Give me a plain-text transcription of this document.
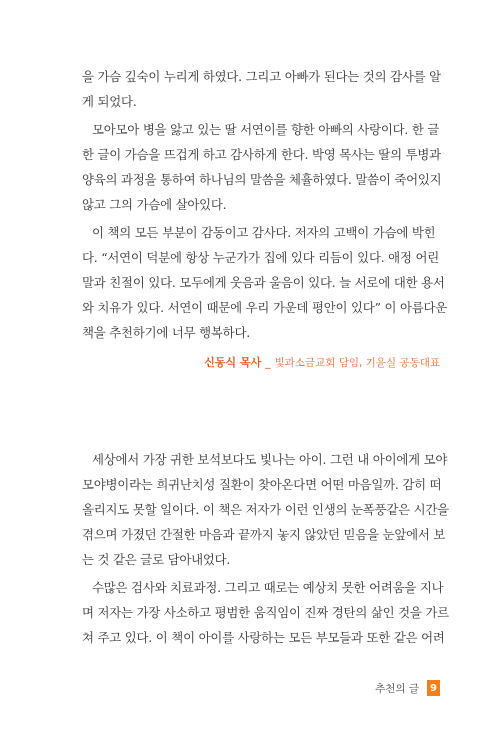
을 가슴 깊숙이 누리게 하였다. 그리고 아빠가 된다는 것의 감사를 알
게 되었다.
모아모아 병을 앓고 있는 딸 서연이를 향한 아빠의 사랑이다. 한 글
한 글이 가슴을 뜨겁게 하고 감사하게 한다. 박영 목사는 딸의 투병과
양육의 과정을 통하여 하나님의 말씀을 체휼하였다. 말씀이 죽어있지
않고 그의 가슴에 살아있다.
이 책의 모든 부분이 감동이고 감사다. 저자의 고백이 가슴에 박힌
다. “서연이 덕분에 항상 누군가가 집에 있다 리듬이 있다. 애정 어린
말과 친절이 있다. 모두에게 웃음과 울음이 있다. 늘 서로에 대한 용서
와 치유가 있다. 서연이 때문에 우리 가운데 평안이 있다” 이 아름다운
책을 추천하기에 너무 행복하다.
신동식 목사 _ 빛과소금교회 담임, 기윤실 공동대표
세상에서 가장 귀한 보석보다도 빛나는 아이. 그런 내 아이에게 모야
모야병이라는 희귀난치성 질환이 찾아온다면 어떤 마음일까. 감히 떠
올리지도 못할 일이다. 이 책은 저자가 이런 인생의 눈폭풍같은 시간을
겪으며 가졌던 간절한 마음과 끝까지 놓지 않았던 믿음을 눈앞에서 보
는 것 같은 글로 담아내었다.
수많은 검사와 치료과정. 그리고 때로는 예상치 못한 어려움을 지나
며 저자는 가장 사소하고 평범한 움직임이 진짜 경탄의 삶인 것을 가르
쳐 주고 있다. 이 책이 아이를 사랑하는 모든 부모들과 또한 같은 어려
추천의 글	9
